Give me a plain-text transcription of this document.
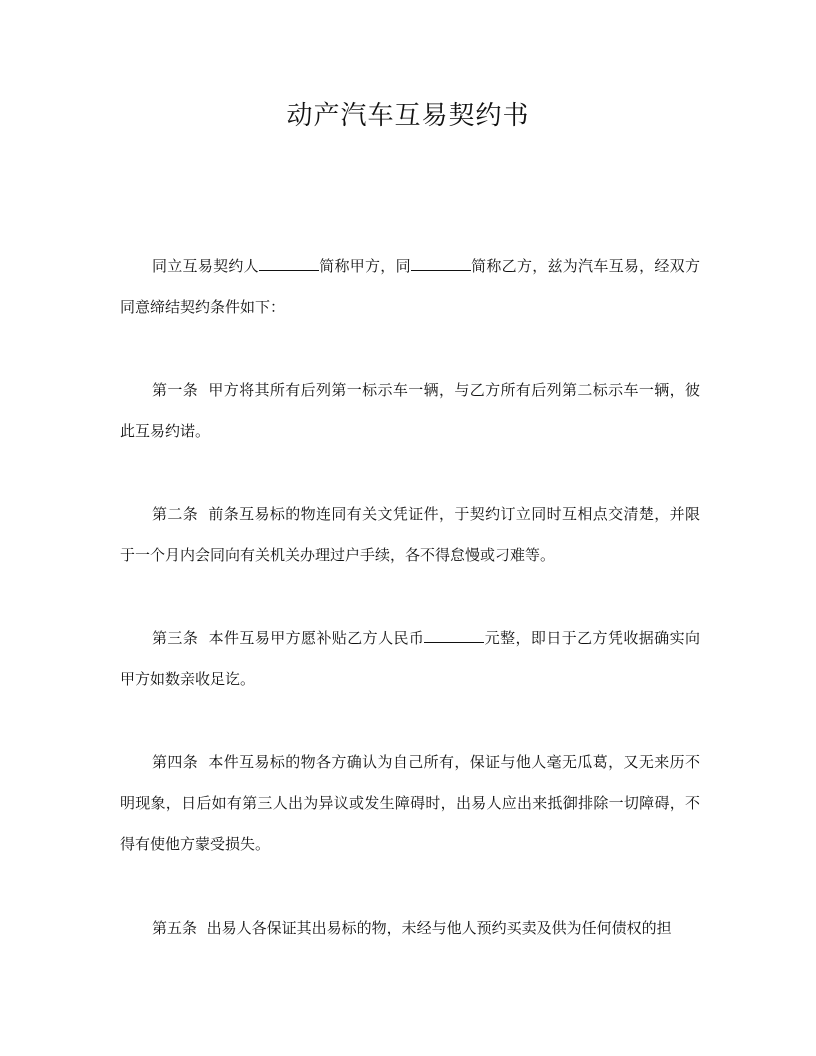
动产汽车互易契约书

同立互易契约人	简称甲方，同	简称乙方，兹为汽车互易，经双方同意缔结契约条件如下：

第一条 甲方将其所有后列第一标示车一辆，与乙方所有后列第二标示车一辆，彼此互易约诺。

第二条 前条互易标的物连同有关文凭证件，于契约订立同时互相点交清楚，并限于一个月内会同向有关机关办理过户手续，各不得怠慢或刁难等。

第三条 本件互易甲方愿补贴乙方人民币	元整，即日于乙方凭收据确实向甲方如数亲收足讫。

第四条 本件互易标的物各方确认为自己所有，保证与他人毫无瓜葛，又无来历不明现象，日后如有第三人出为异议或发生障碍时，出易人应出来抵御排除一切障碍，不得有使他方蒙受损失。

第五条 出易人各保证其出易标的物，未经与他人预约买卖及供为任何债权的担
